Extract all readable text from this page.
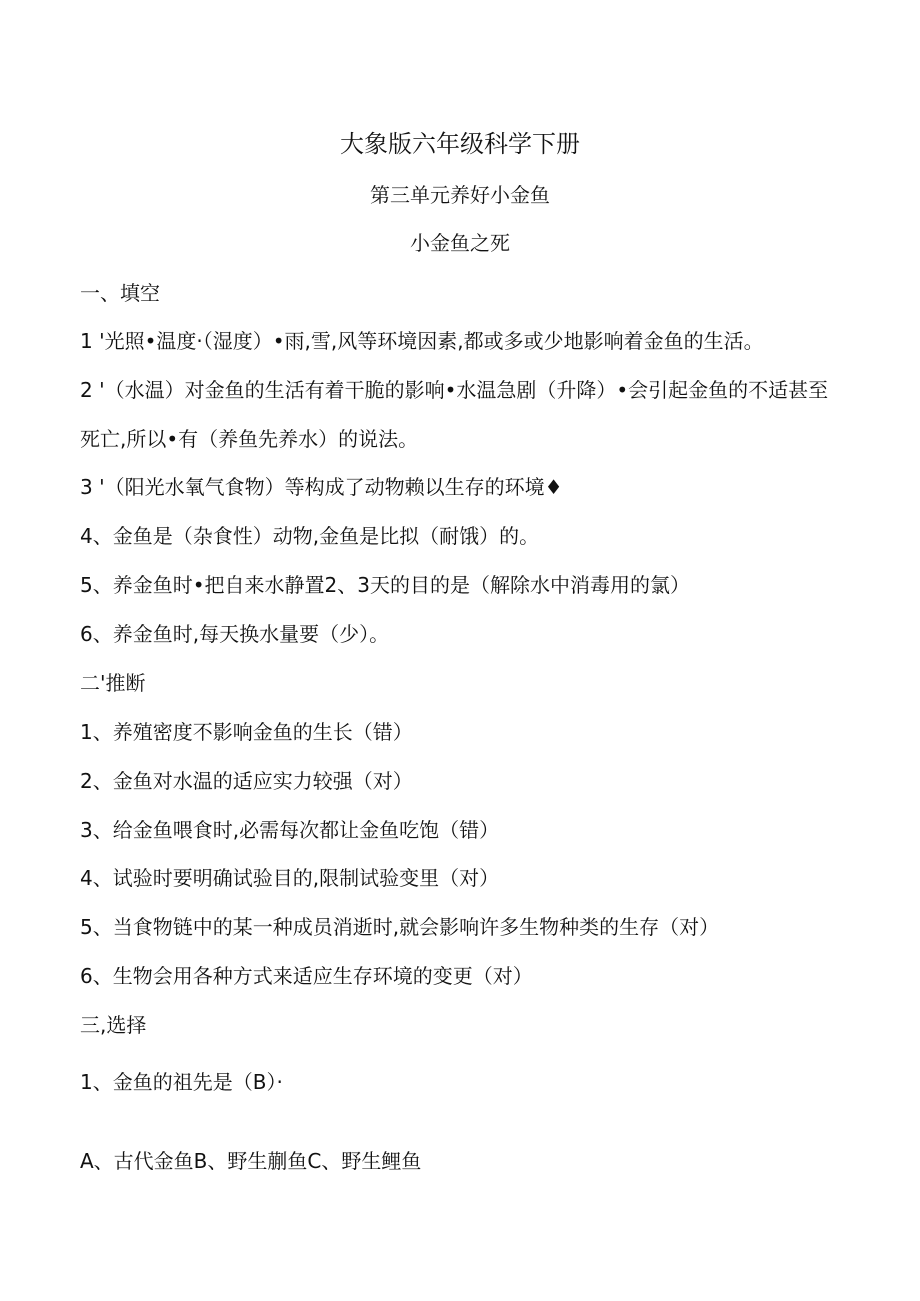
大象版六年级科学下册
第三单元养好小金鱼
小金鱼之死
一、填空
1 '光照•温度·（湿度）•雨,雪,风等环境因素,都或多或少地影响着金鱼的生活。
2 '（水温）对金鱼的生活有着干脆的影响•水温急剧（升降）•会引起金鱼的不适甚至
死亡,所以•有（养鱼先养水）的说法。
3 '（阳光水氧气食物）等构成了动物赖以生存的环境♦
4、金鱼是（杂食性）动物,金鱼是比拟（耐饿）的。
5、养金鱼时•把自来水静置2、3天的目的是（解除水中消毒用的氯）
6、养金鱼时,每天换水量要（少）。
二'推断
1、养殖密度不影响金鱼的生长（错）
2、金鱼对水温的适应实力较强（对）
3、给金鱼喂食时,必需每次都让金鱼吃饱（错）
4、试验时要明确试验目的,限制试验变里（对）
5、当食物链中的某一种成员消逝时,就会影响许多生物种类的生存（对）
6、生物会用各种方式来适应生存环境的变更（对）
三,选择
1、金鱼的祖先是（B）·
A、古代金鱼B、野生蒯鱼C、野生鲤鱼
